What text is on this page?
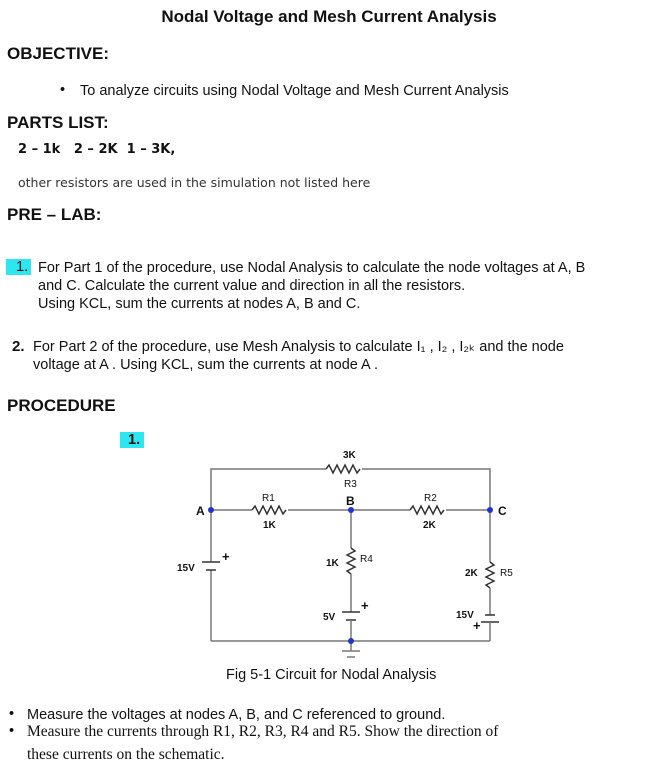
Nodal Voltage and Mesh Current Analysis
OBJECTIVE:
• To analyze circuits using Nodal Voltage and Mesh Current Analysis
PARTS LIST:
2 – 1k   2 – 2K  1 – 3K,
other resistors are used in the simulation not listed here
PRE – LAB:
1. For Part 1 of the procedure, use Nodal Analysis to calculate the node voltages at A, B
and C. Calculate the current value and direction in all the resistors.
Using KCL, sum the currents at nodes A, B and C.
2. For Part 2 of the procedure, use Mesh Analysis to calculate I₁ , I₂ , I₂ₖ and the node
voltage at A . Using KCL, sum the currents at node A .
PROCEDURE
1.
3K
R3
R1
1K
R2
2K
B
A	C
15V
+	1K R4
2K R5
5V
+
15V
+
Fig 5-1 Circuit for Nodal Analysis
• Measure the voltages at nodes A, B, and C referenced to ground.
• Measure the currents through R1, R2, R3, R4 and R5. Show the direction of
these currents on the schematic.
